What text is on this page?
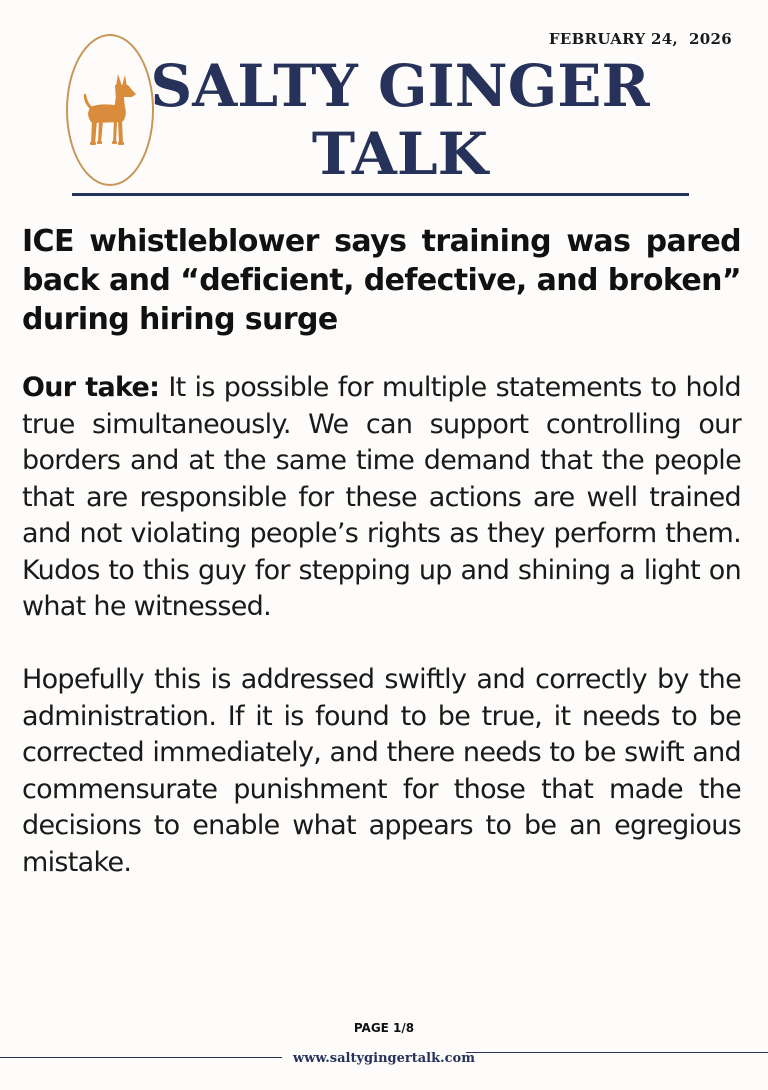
FEBRUARY 24,  2026
SALTY GINGER
TALK
ICE whistleblower says training was pared back and “deficient, defective, and broken” during hiring surge

Our take: It is possible for multiple statements to hold true simultaneously. We can support controlling our borders and at the same time demand that the people that are responsible for these actions are well trained and not violating people’s rights as they perform them. Kudos to this guy for stepping up and shining a light on what he witnessed.

Hopefully this is addressed swiftly and correctly by the administration. If it is found to be true, it needs to be corrected immediately, and there needs to be swift and commensurate punishment for those that made the decisions to enable what appears to be an egregious mistake.

PAGE 1/8
www.saltygingertalk.com
